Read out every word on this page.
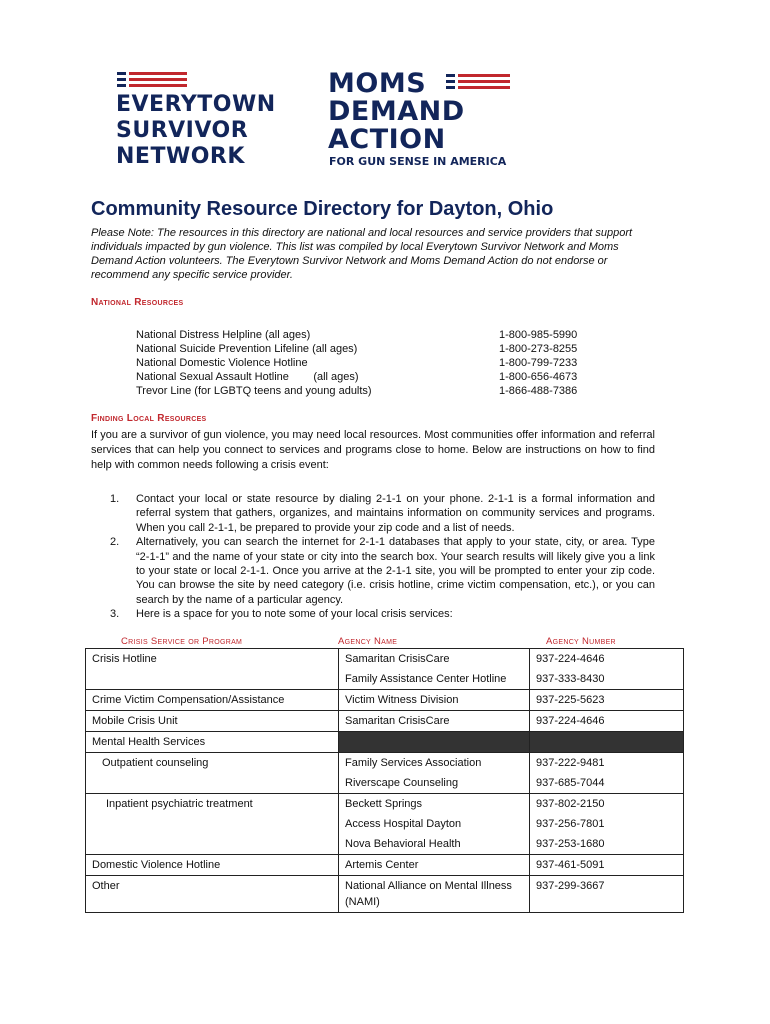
EVERYTOWN
SURVIVOR
NETWORK
MOMS
DEMAND
ACTION
FOR GUN SENSE IN AMERICA
Community Resource Directory for Dayton, Ohio

Please Note: The resources in this directory are national and local resources and service providers that support individuals impacted by gun violence. This list was compiled by local Everytown Survivor Network and Moms Demand Action volunteers. The Everytown Survivor Network and Moms Demand Action do not endorse or recommend any specific service provider.

National Resources
National Distress Helpline (all ages)	1-800-985-5990
National Suicide Prevention Lifeline (all ages)	1-800-273-8255
National Domestic Violence Hotline	1-800-799-7233
National Sexual Assault Hotline        (all ages)	1-800-656-4673
Trevor Line (for LGBTQ teens and young adults)	1-866-488-7386
Finding Local Resources

If you are a survivor of gun violence, you may need local resources. Most communities offer information and referral services that can help you connect to services and programs close to home. Below are instructions on how to find help with common needs following a crisis event:

1. Contact your local or state resource by dialing 2-1-1 on your phone. 2-1-1 is a formal information and referral system that gathers, organizes, and maintains information on community services and programs. When you call 2-1-1, be prepared to provide your zip code and a list of needs.
2. Alternatively, you can search the internet for 2-1-1 databases that apply to your state, city, or area. Type “2-1-1” and the name of your state or city into the search box. Your search results will likely give you a link to your state or local 2-1-1. Once you arrive at the 2-1-1 site, you will be prompted to enter your zip code. You can browse the site by need category (i.e. crisis hotline, crime victim compensation, etc.), or you can search by the name of a particular agency.
3. Here is a space for you to note some of your local crisis services:
Crisis Service or Program	Agency Name	Agency Number
Crisis Hotline	Samaritan CrisisCare	937-224-4646
	Family Assistance Center Hotline	937-333-8430
Crime Victim Compensation/Assistance	Victim Witness Division	937-225-5623
Mobile Crisis Unit	Samaritan CrisisCare	937-224-4646
Mental Health Services		
Outpatient counseling	Family Services Association	937-222-9481
	Riverscape Counseling	937-685-7044
Inpatient psychiatric treatment	Beckett Springs	937-802-2150
	Access Hospital Dayton	937-256-7801
	Nova Behavioral Health	937-253-1680
Domestic Violence Hotline	Artemis Center	937-461-5091
Other	National Alliance on Mental Illness (NAMI)	937-299-3667
